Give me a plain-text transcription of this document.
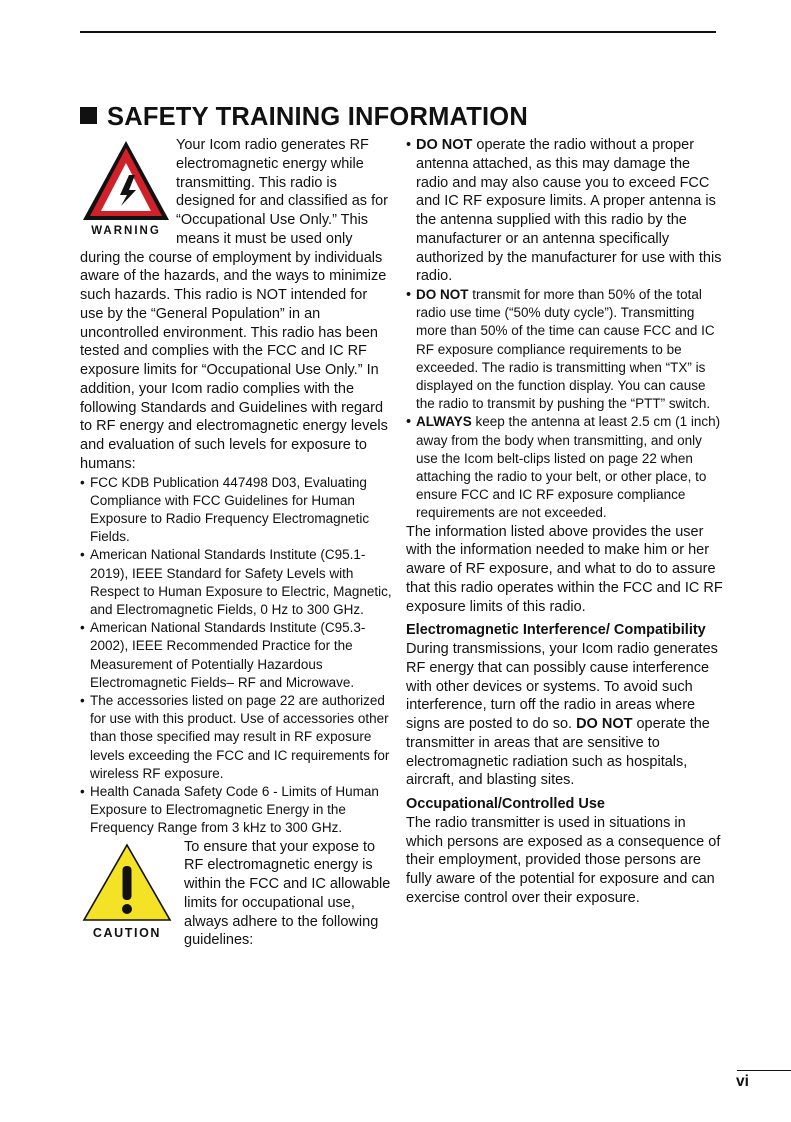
SAFETY TRAINING INFORMATION
WARNING

Your Icom radio generates RF electromagnetic energy while transmitting. This radio is designed for and classified as for “Occupational Use Only.” This means it must be used only during the course of employment by individuals aware of the hazards, and the ways to minimize such hazards. This radio is NOT intended for use by the “General Population” in an uncontrolled environment. This radio has been tested and complies with the FCC and IC RF exposure limits for “Occupational Use Only.” In addition, your Icom radio complies with the following Standards and Guidelines with regard to RF energy and electromagnetic energy levels and evaluation of such levels for exposure to humans:

• FCC KDB Publication 447498 D03, Evaluating Compliance with FCC Guidelines for Human Exposure to Radio Frequency Electromagnetic Fields.
• American National Standards Institute (C95.1-2019), IEEE Standard for Safety Levels with Respect to Human Exposure to Electric, Magnetic, and Electromagnetic Fields, 0 Hz to 300 GHz.
• American National Standards Institute (C95.3-2002), IEEE Recommended Practice for the Measurement of Potentially Hazardous Electromagnetic Fields– RF and Microwave.
• The accessories listed on page 22 are authorized for use with this product. Use of accessories other than those specified may result in RF exposure levels exceeding the FCC and IC requirements for wireless RF exposure.
• Health Canada Safety Code 6 - Limits of Human Exposure to Electromagnetic Energy in the Frequency Range from 3 kHz to 300 GHz.
CAUTION

To ensure that your expose to RF electromagnetic energy is within the FCC and IC allowable limits for occupational use, always adhere to the following guidelines:

• DO NOT operate the radio without a proper antenna attached, as this may damage the radio and may also cause you to exceed FCC and IC RF exposure limits. A proper antenna is the antenna supplied with this radio by the manufacturer or an antenna specifically authorized by the manufacturer for use with this radio.
• DO NOT transmit for more than 50% of the total radio use time (“50% duty cycle”). Transmitting more than 50% of the time can cause FCC and IC RF exposure compliance requirements to be exceeded. The radio is transmitting when “TX” is displayed on the function display. You can cause the radio to transmit by pushing the “PTT” switch.
• ALWAYS keep the antenna at least 2.5 cm (1 inch) away from the body when transmitting, and only use the Icom belt-clips listed on page 22 when attaching the radio to your belt, or other place, to ensure FCC and IC RF exposure compliance requirements are not exceeded.

The information listed above provides the user with the information needed to make him or her aware of RF exposure, and what to do to assure that this radio operates within the FCC and IC RF exposure limits of this radio.

Electromagnetic Interference/ Compatibility

During transmissions, your Icom radio generates RF energy that can possibly cause interference with other devices or systems. To avoid such interference, turn off the radio in areas where signs are posted to do so. DO NOT operate the transmitter in areas that are sensitive to electromagnetic radiation such as hospitals, aircraft, and blasting sites.

Occupational/Controlled Use

The radio transmitter is used in situations in which persons are exposed as a consequence of their employment, provided those persons are fully aware of the potential for exposure and can exercise control over their exposure.

vi
